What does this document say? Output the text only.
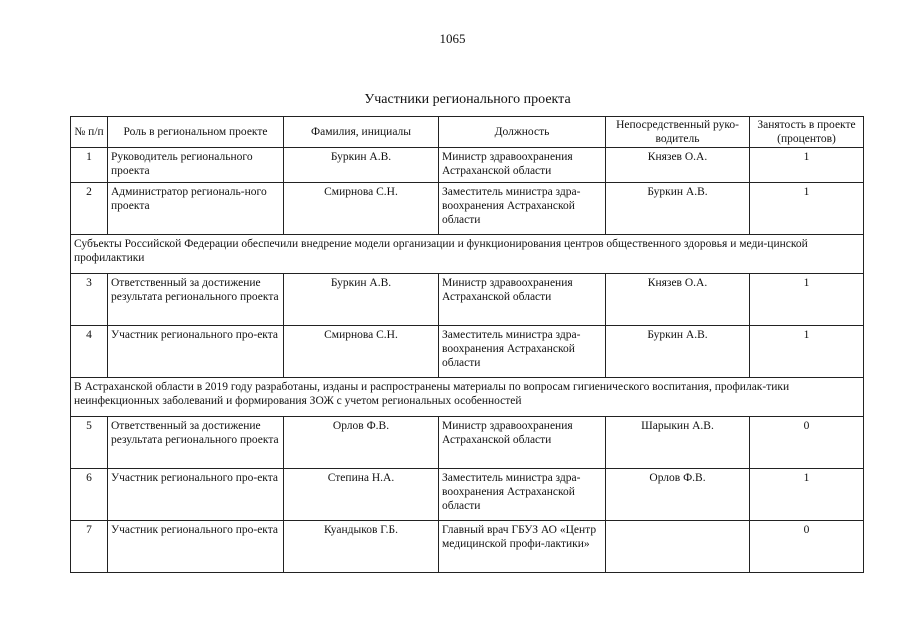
1065
Участники регионального проекта
№ п/п	Роль в региональном проекте	Фамилия, инициалы	Должность	Непосредственный руко-водитель	Занятость в проекте (процентов)
1	Руководитель регионального проекта	Буркин А.В.	Министр здравоохранения Астраханской области	Князев О.А.	1
2	Администратор региональ-ного проекта	Смирнова С.Н.	Заместитель министра здра-воохранения Астраханской области	Буркин А.В.	1
Субъекты Российской Федерации обеспечили внедрение модели организации и функционирования центров общественного здоровья и меди-цинской профилактики					
3	Ответственный за достижение результата регионального проекта	Буркин А.В.	Министр здравоохранения Астраханской области	Князев О.А.	1
4	Участник регионального про-екта	Смирнова С.Н.	Заместитель министра здра-воохранения Астраханской области	Буркин А.В.	1
В Астраханской области в 2019 году разработаны, изданы и распространены материалы по вопросам гигиенического воспитания, профилак-тики неинфекционных заболеваний и формирования ЗОЖ с учетом региональных особенностей					
5	Ответственный за достижение результата регионального проекта	Орлов Ф.В.	Министр здравоохранения Астраханской области	Шарыкин А.В.	0
6	Участник регионального про-екта	Степина Н.А.	Заместитель министра здра-воохранения Астраханской области	Орлов Ф.В.	1
7	Участник регионального про-екта	Куандыков Г.Б.	Главный врач ГБУЗ АО «Центр медицинской профи-лактики»		0
